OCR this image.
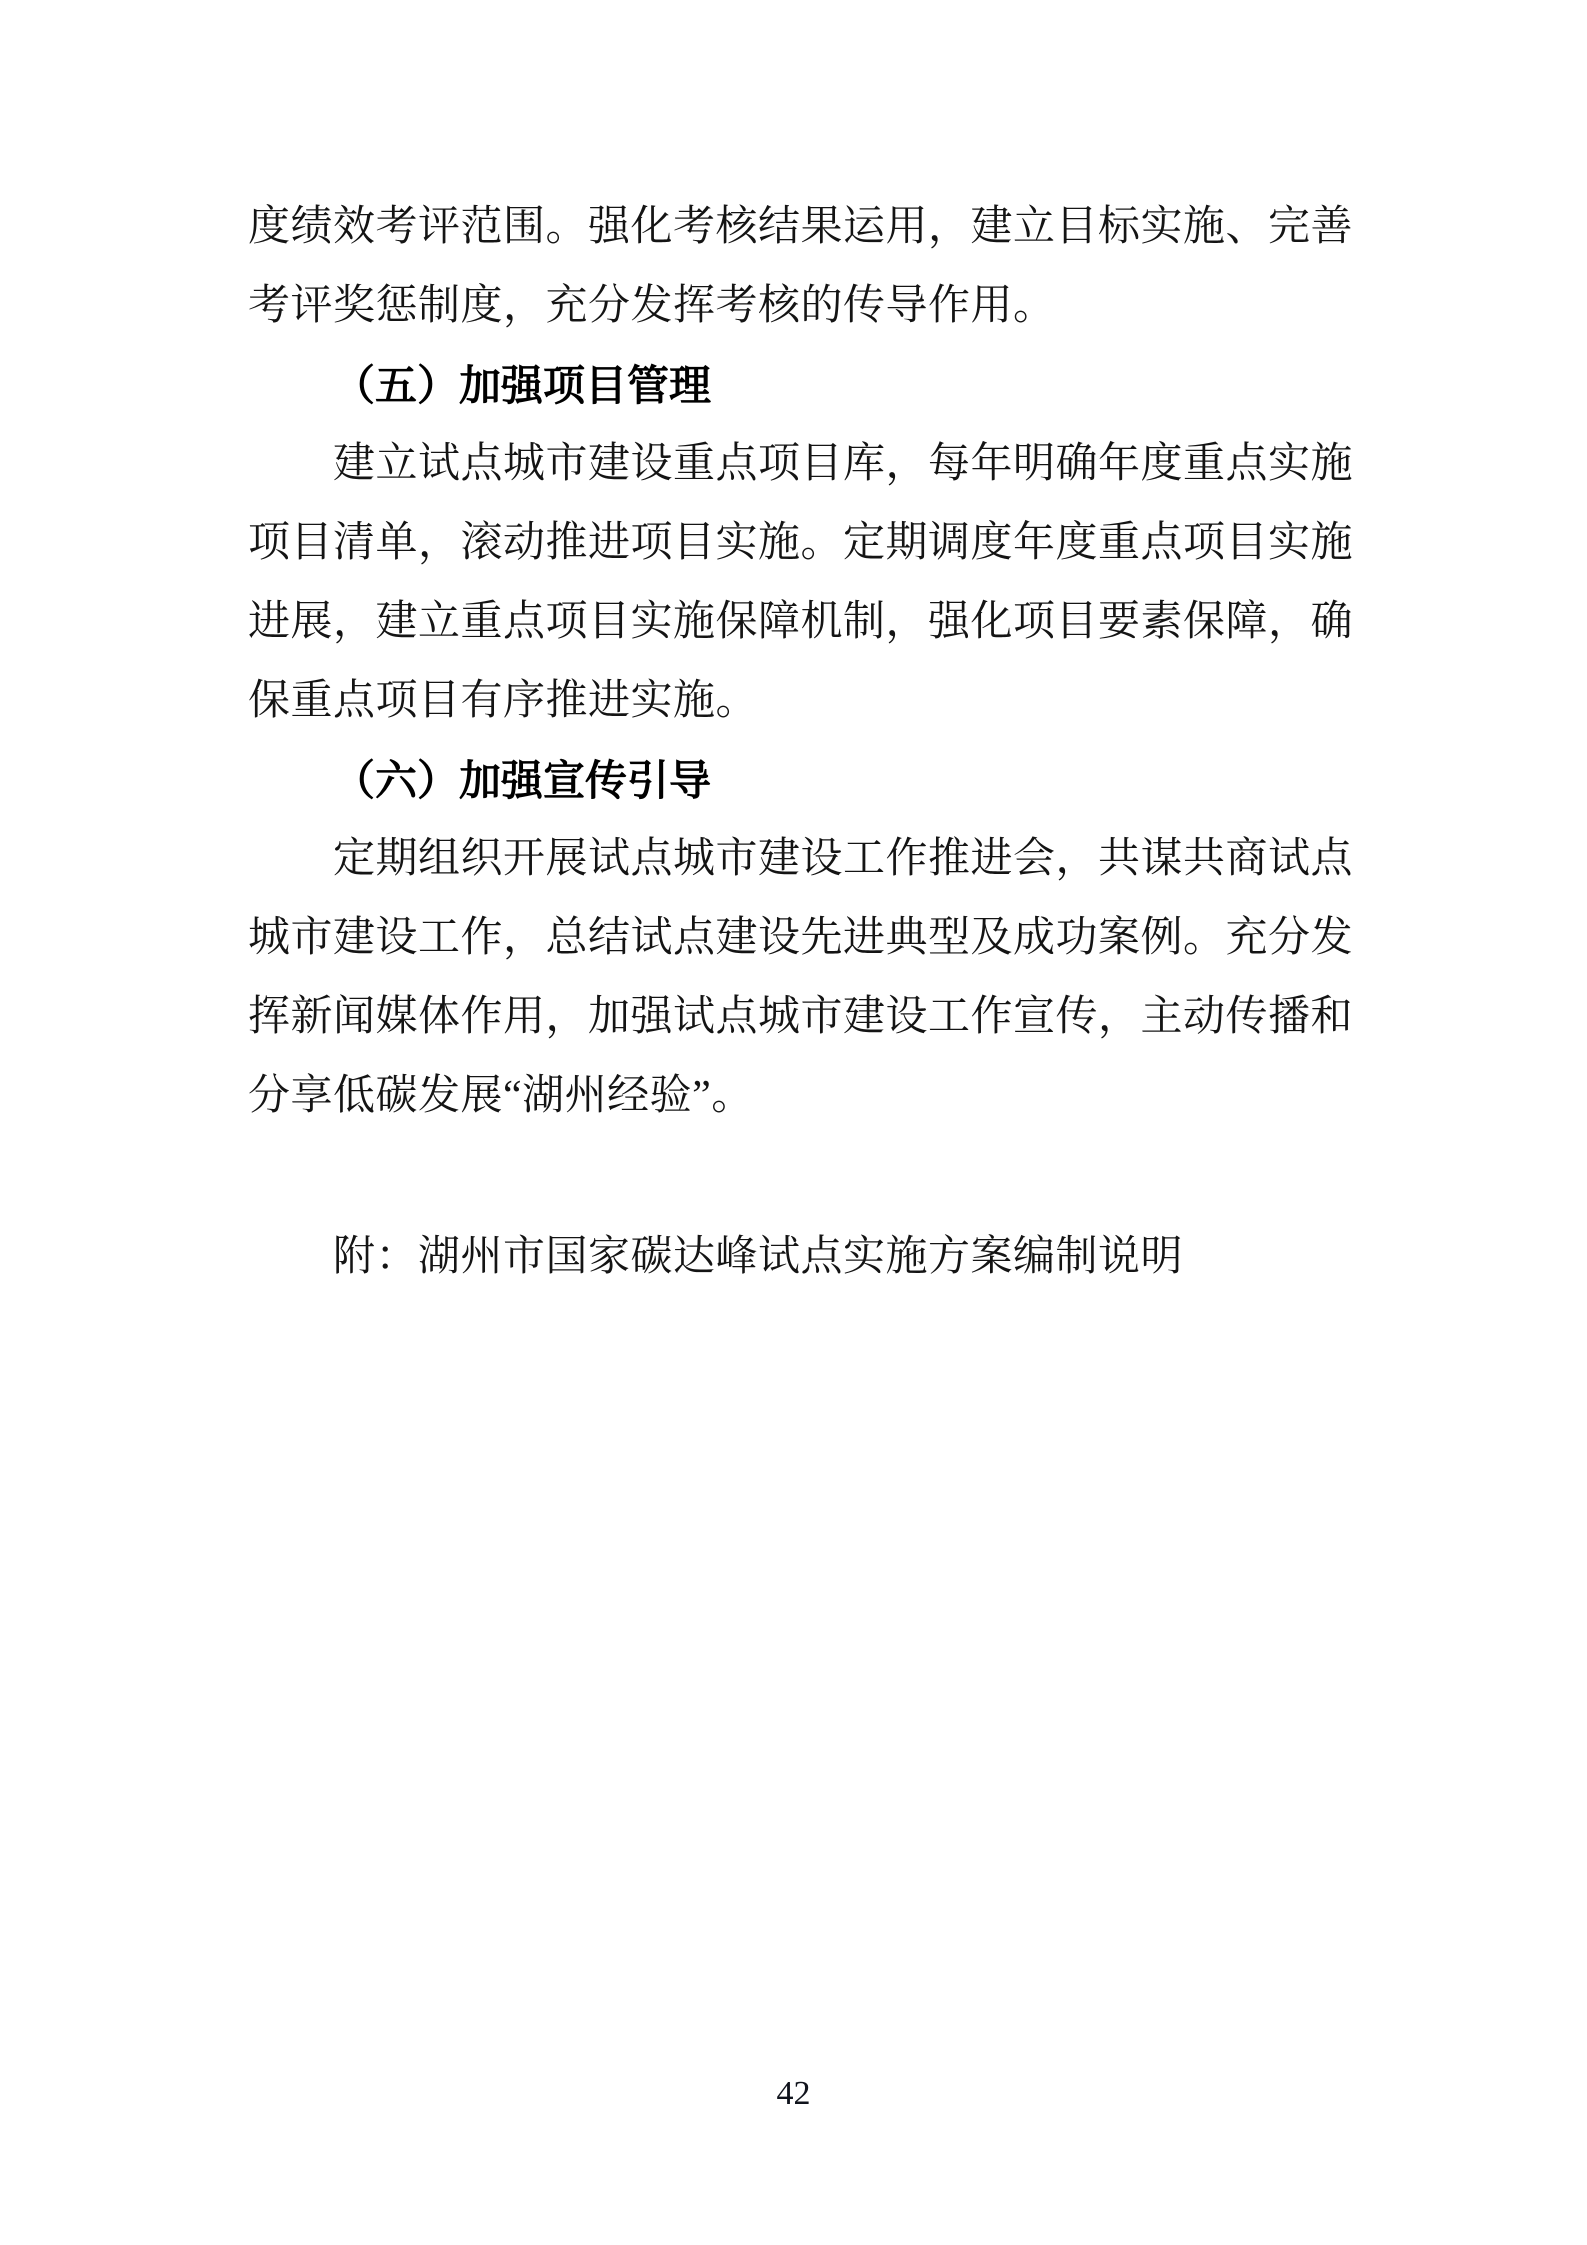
度绩效考评范围。强化考核结果运用，建立目标实施、完善
考评奖惩制度，充分发挥考核的传导作用。
（五）加强项目管理
建立试点城市建设重点项目库，每年明确年度重点实施
项目清单，滚动推进项目实施。定期调度年度重点项目实施
进展，建立重点项目实施保障机制，强化项目要素保障，确
保重点项目有序推进实施。
（六）加强宣传引导
定期组织开展试点城市建设工作推进会，共谋共商试点
城市建设工作，总结试点建设先进典型及成功案例。充分发
挥新闻媒体作用，加强试点城市建设工作宣传，主动传播和
分享低碳发展“湖州经验”。
附：湖州市国家碳达峰试点实施方案编制说明
42
